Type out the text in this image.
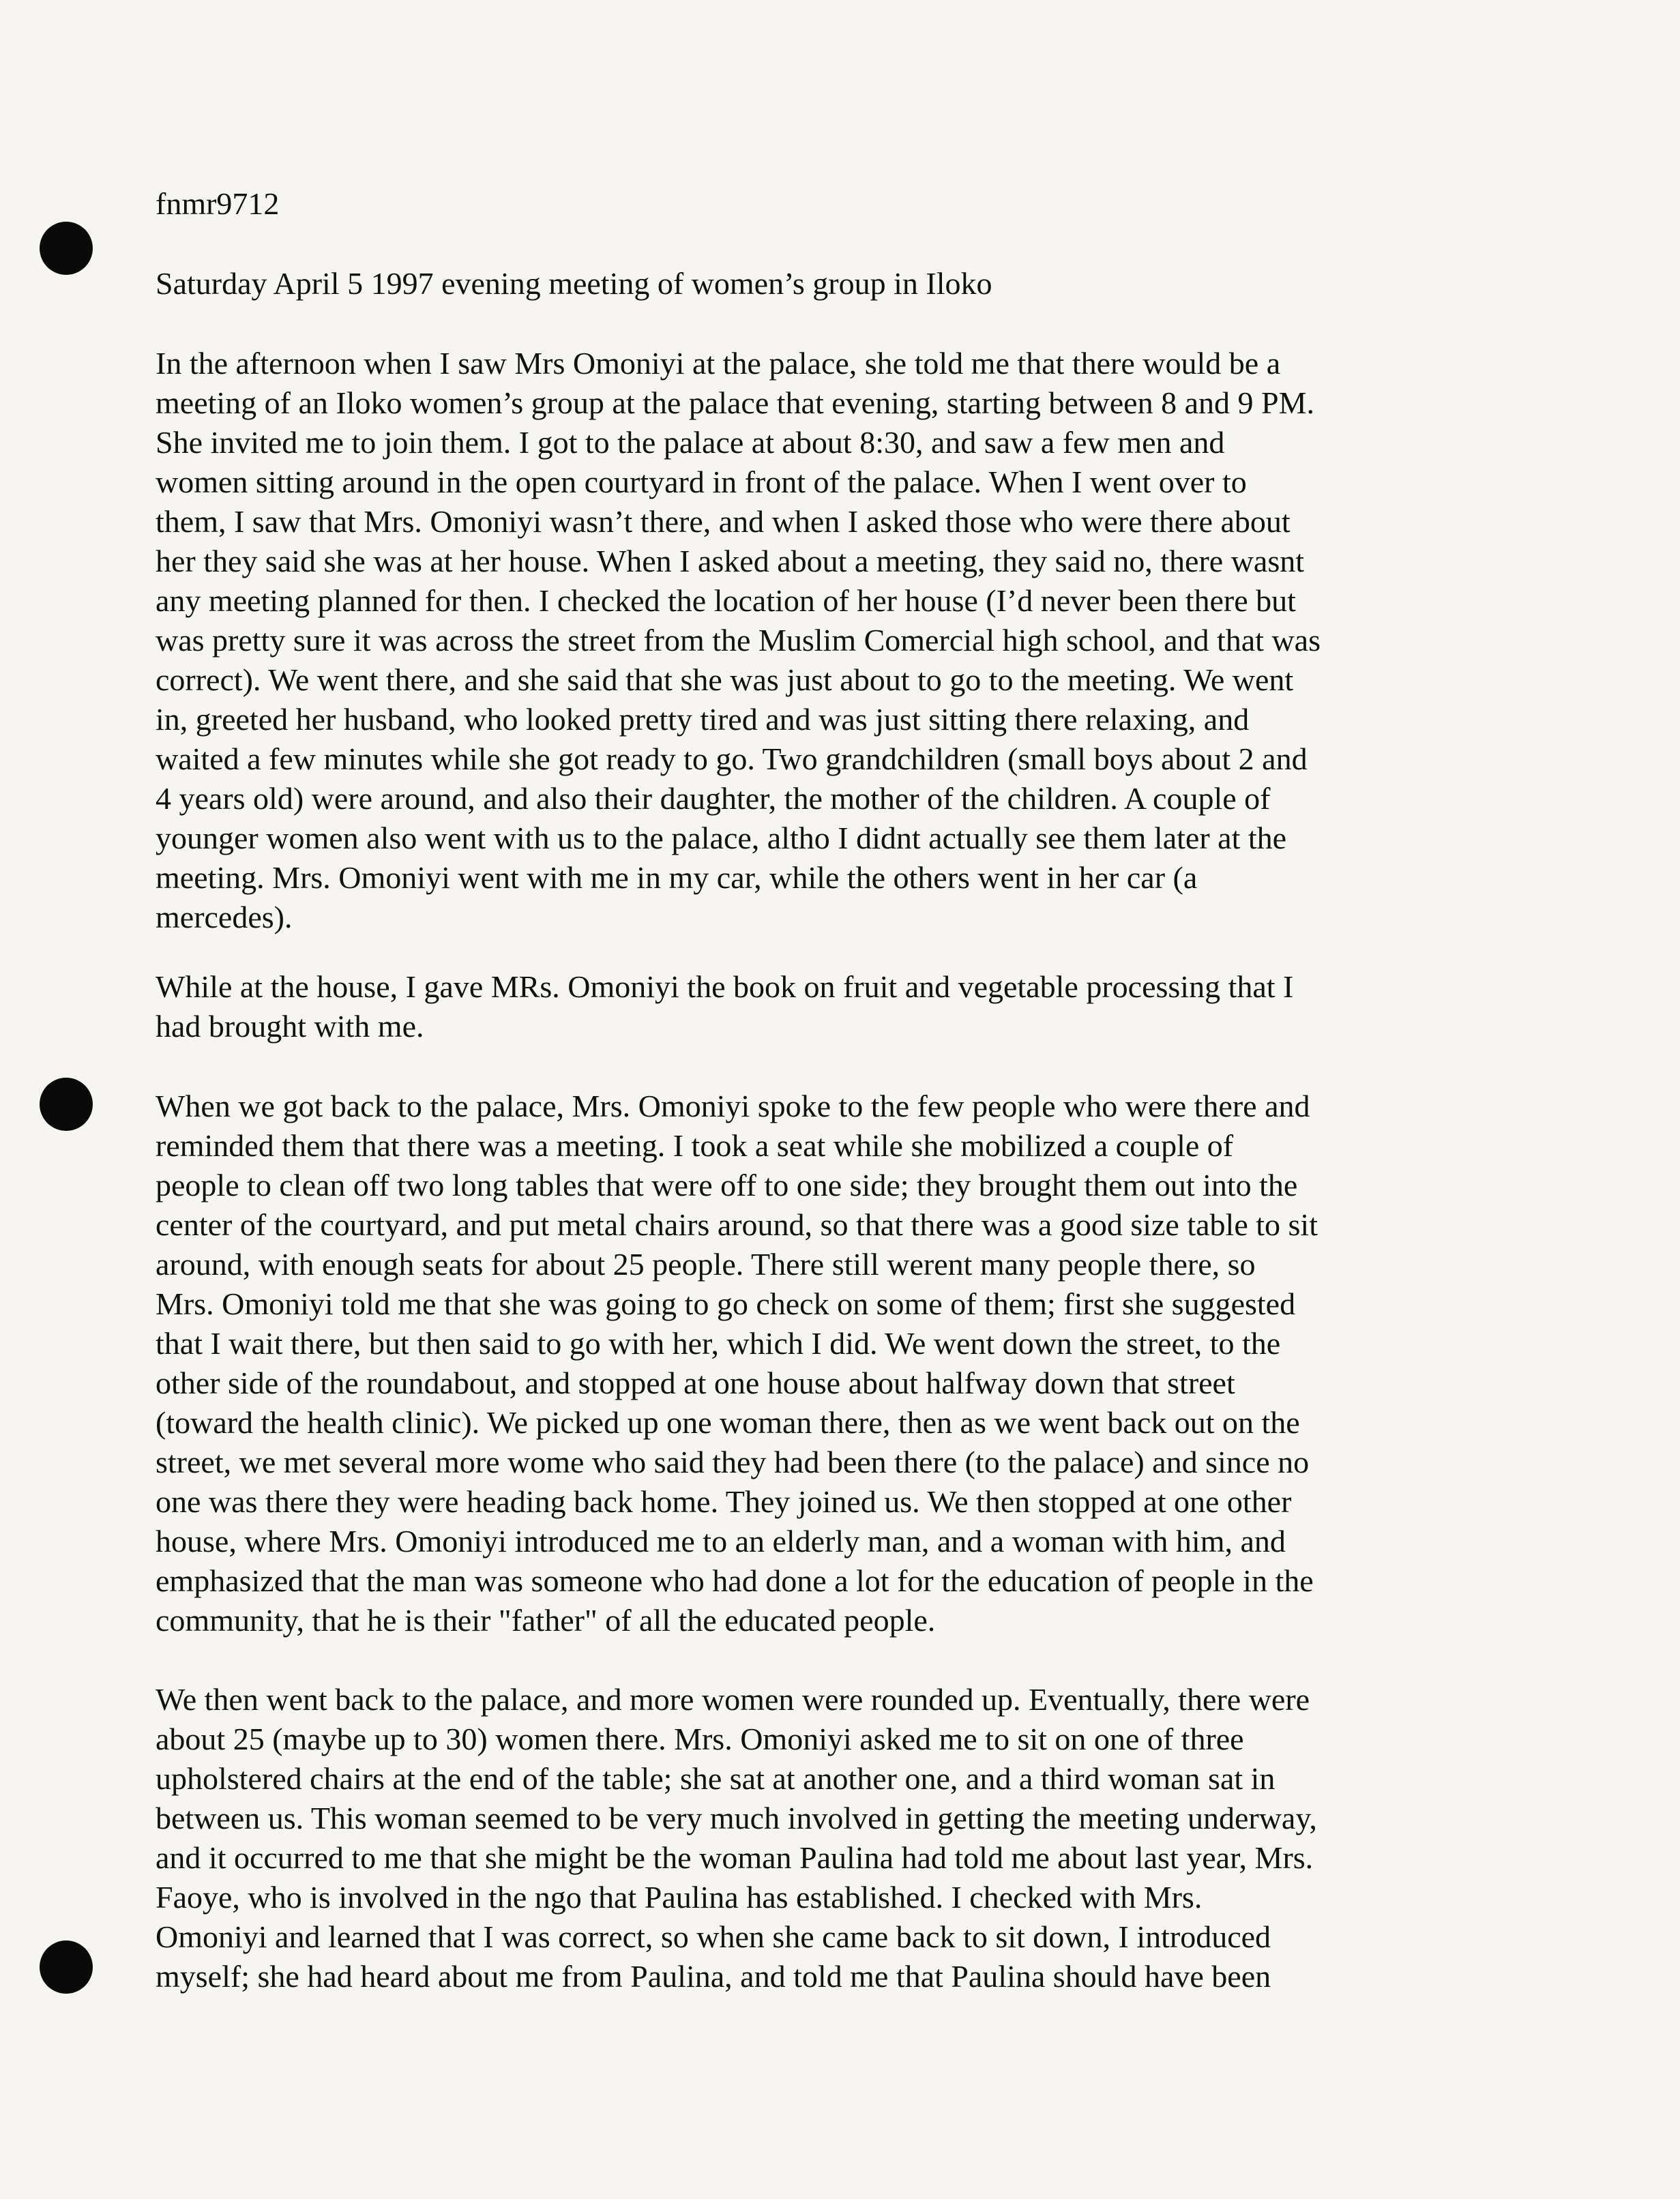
fnmr9712

Saturday April 5 1997 evening meeting of women’s group in Iloko

In the afternoon when I saw Mrs Omoniyi at the palace, she told me that there would be a
meeting of an Iloko women’s group at the palace that evening, starting between 8 and 9 PM.
She invited me to join them. I got to the palace at about 8:30, and saw a few men and
women sitting around in the open courtyard in front of the palace. When I went over to
them, I saw that Mrs. Omoniyi wasn’t there, and when I asked those who were there about
her they said she was at her house. When I asked about a meeting, they said no, there wasnt
any meeting planned for then. I checked the location of her house (I’d never been there but
was pretty sure it was across the street from the Muslim Comercial high school, and that was
correct). We went there, and she said that she was just about to go to the meeting. We went
in, greeted her husband, who looked pretty tired and was just sitting there relaxing, and
waited a few minutes while she got ready to go. Two grandchildren (small boys about 2 and
4 years old) were around, and also their daughter, the mother of the children. A couple of
younger women also went with us to the palace, altho I didnt actually see them later at the
meeting. Mrs. Omoniyi went with me in my car, while the others went in her car (a
mercedes).

While at the house, I gave MRs. Omoniyi the book on fruit and vegetable processing that I
had brought with me.

When we got back to the palace, Mrs. Omoniyi spoke to the few people who were there and
reminded them that there was a meeting. I took a seat while she mobilized a couple of
people to clean off two long tables that were off to one side; they brought them out into the
center of the courtyard, and put metal chairs around, so that there was a good size table to sit
around, with enough seats for about 25 people. There still werent many people there, so
Mrs. Omoniyi told me that she was going to go check on some of them; first she suggested
that I wait there, but then said to go with her, which I did. We went down the street, to the
other side of the roundabout, and stopped at one house about halfway down that street
(toward the health clinic). We picked up one woman there, then as we went back out on the
street, we met several more wome who said they had been there (to the palace) and since no
one was there they were heading back home. They joined us. We then stopped at one other
house, where Mrs. Omoniyi introduced me to an elderly man, and a woman with him, and
emphasized that the man was someone who had done a lot for the education of people in the
community, that he is their "father" of all the educated people.

We then went back to the palace, and more women were rounded up. Eventually, there were
about 25 (maybe up to 30) women there. Mrs. Omoniyi asked me to sit on one of three
upholstered chairs at the end of the table; she sat at another one, and a third woman sat in
between us. This woman seemed to be very much involved in getting the meeting underway,
and it occurred to me that she might be the woman Paulina had told me about last year, Mrs.
Faoye, who is involved in the ngo that Paulina has established. I checked with Mrs.
Omoniyi and learned that I was correct, so when she came back to sit down, I introduced
myself; she had heard about me from Paulina, and told me that Paulina should have been
